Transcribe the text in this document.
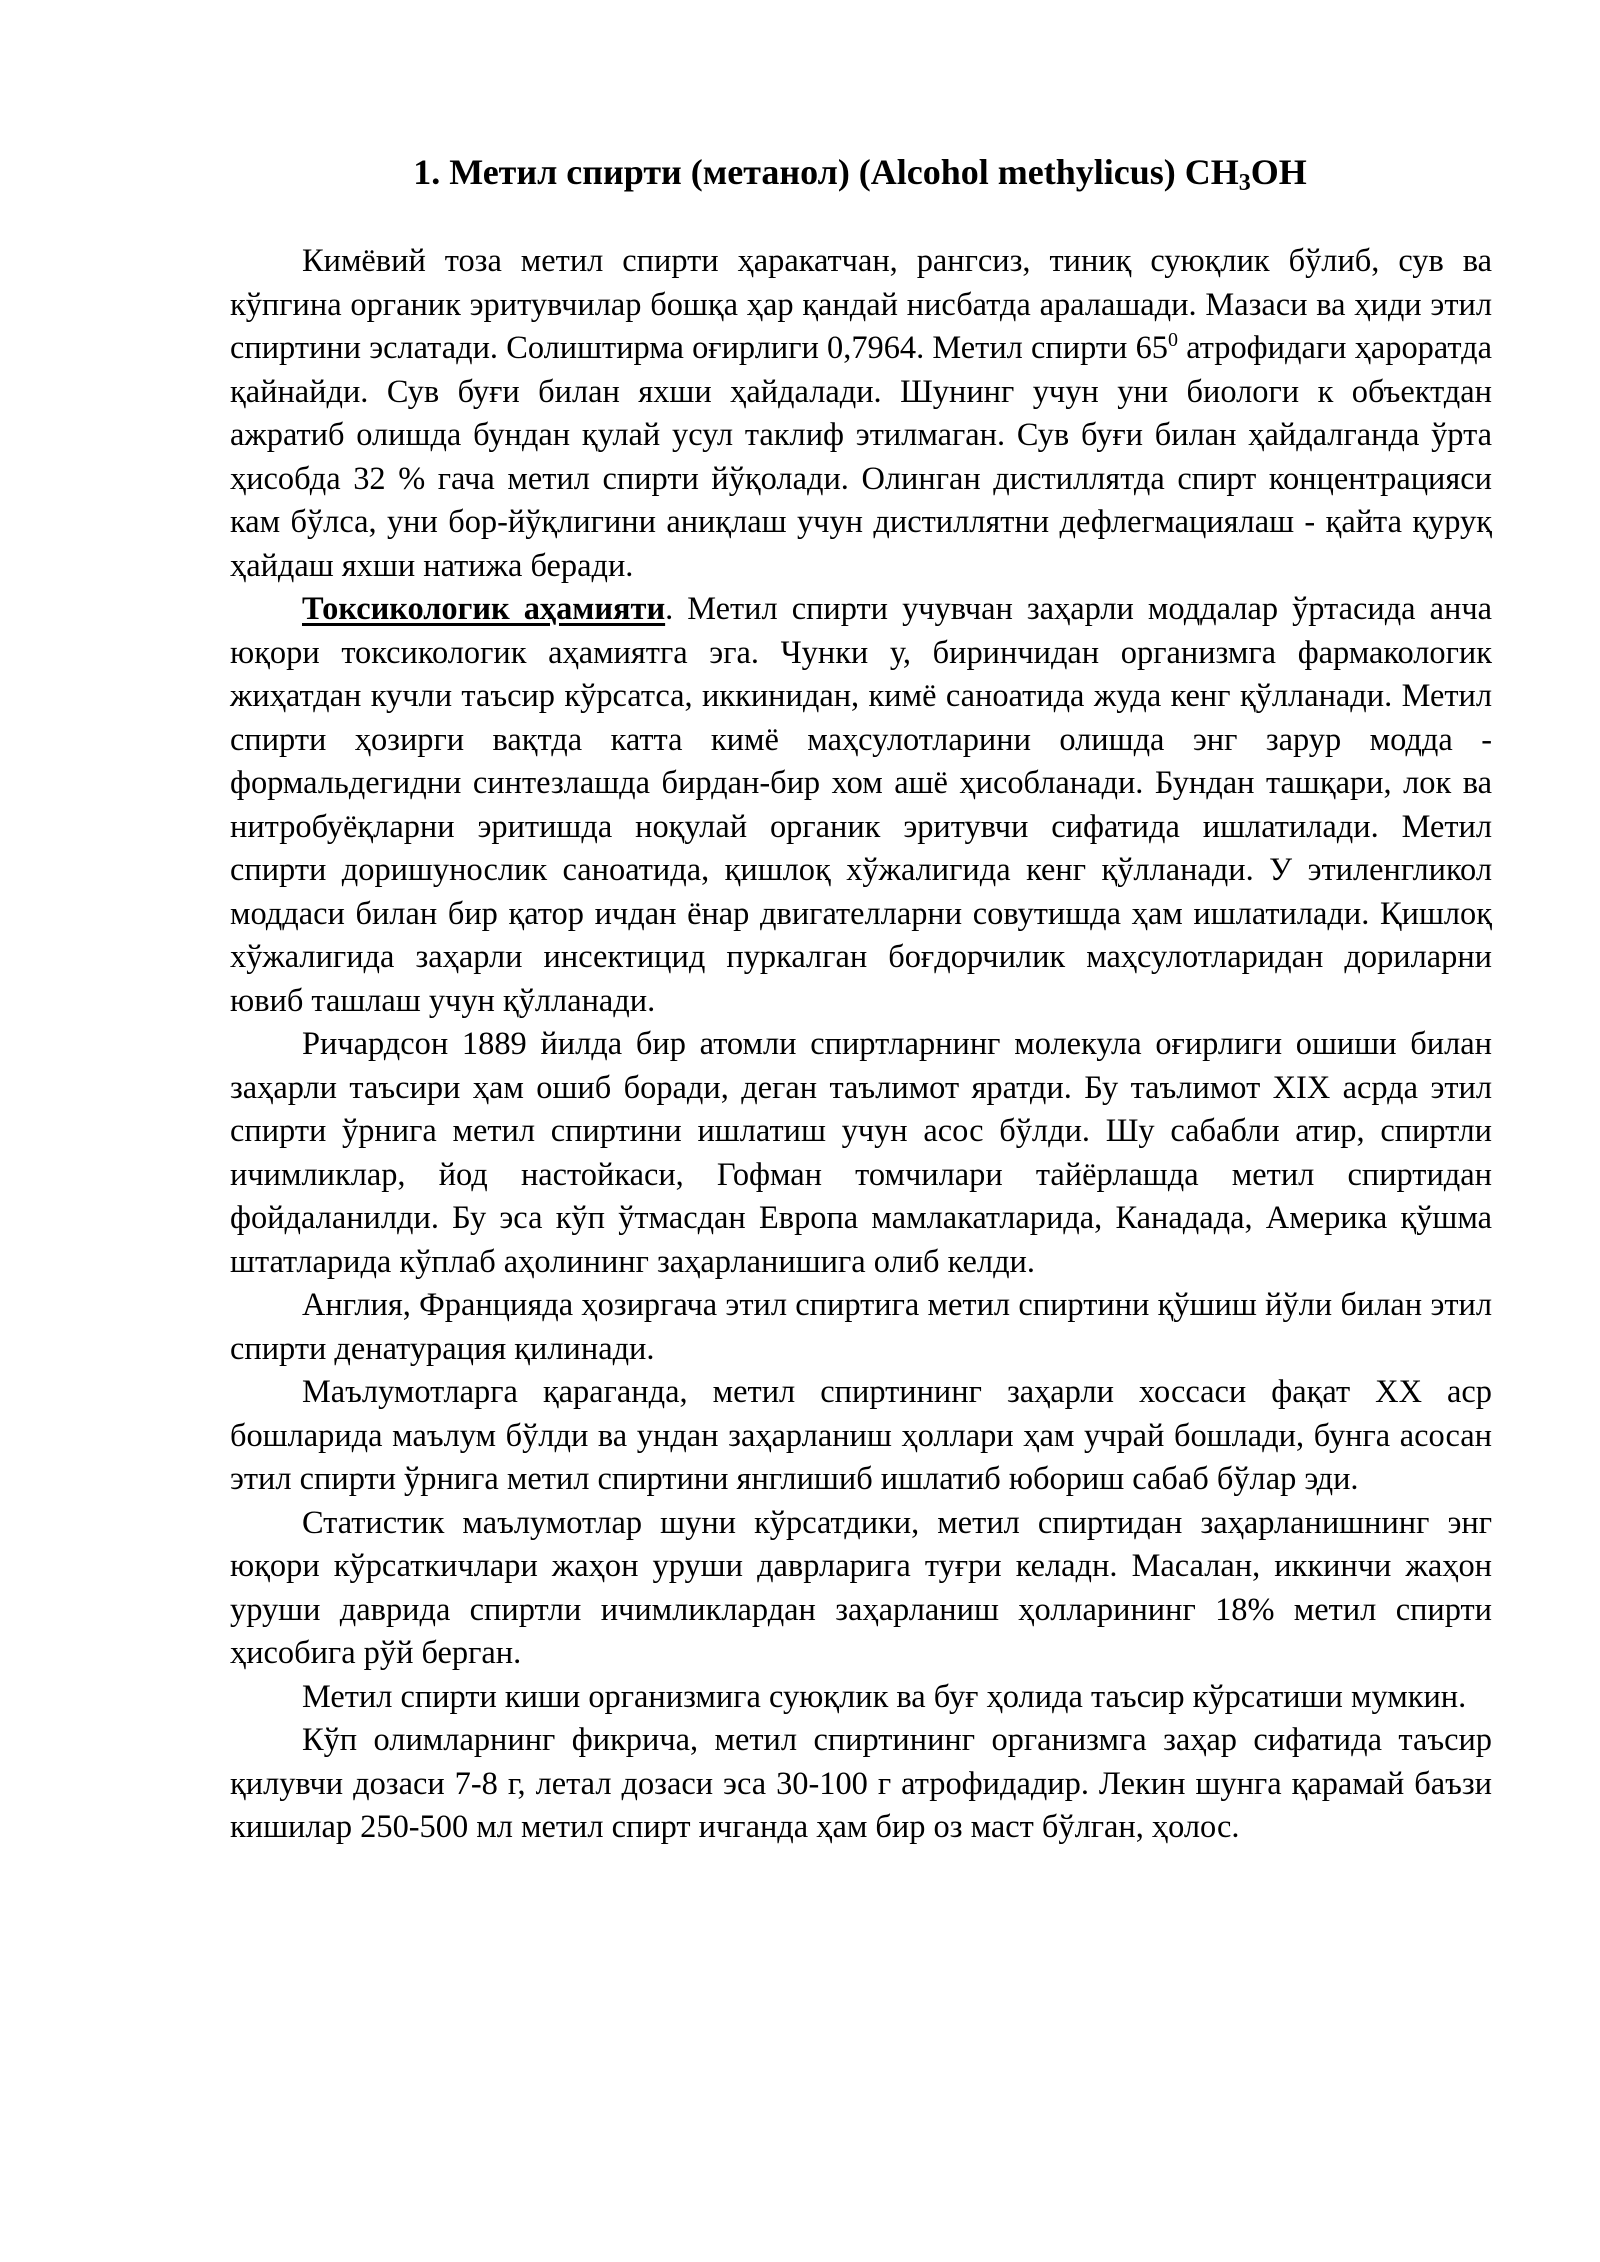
1. Метил спирти (метанол) (Alcohol methylicus) $CH_3OH$

Кимёвий тоза метил спирти ҳаракатчан, рангсиз, тиниқ суюқлик бўлиб, сув ва кўпгина органик эритувчилар бошқа ҳар қандай нисбатда аралашади. Мазаси ва ҳиди этил спиртини эслатади. Солиштирма оғирлиги 0,7964. Метил спирти $65^0$ атрофидаги ҳароратда қайнайди. Сув буғи билан яхши ҳайдалади. Шунинг учун уни биологи к объектдан ажратиб олишда бундан қулай усул таклиф этилмаган. Сув буғи билан ҳайдалганда ўрта ҳисобда 32 % гача метил спирти йўқолади. Олинган дистиллятда спирт концентрацияси кам бўлса, уни бор-йўқлигини аниқлаш учун дистиллятни дефлегмациялаш - қайта қуруқ ҳайдаш яхши натижа беради.

Токсикологик аҳамияти. Метил спирти учувчан заҳарли моддалар ўртасида анча юқори токсикологик аҳамиятга эга. Чунки у, биринчидан организмга фармакологик жиҳатдан кучли таъсир кўрсатса, иккинидан, кимё саноатида жуда кенг қўлланади. Метил спирти ҳозирги вақтда катта кимё маҳсулотларини олишда энг зарур модда - формальдегидни синтезлашда бирдан-бир хом ашё ҳисобланади. Бундан ташқари, лок ва нитробуёқларни эритишда ноқулай органик эритувчи сифатида ишлатилади. Метил спирти доришунослик саноатида, қишлоқ хўжалигида кенг қўлланади. У этиленгликол моддаси билан бир қатор ичдан ёнар двигателларни совутишда ҳам ишлатилади. Қишлоқ хўжалигида заҳарли инсектицид пуркалган боғдорчилик маҳсулотларидан дориларни ювиб ташлаш учун қўлланади.

Ричардсон 1889 йилда бир атомли спиртларнинг молекула оғирлиги ошиши билан заҳарли таъсири ҳам ошиб боради, деган таълимот яратди. Бу таълимот XIX асрда этил спирти ўрнига метил спиртини ишлатиш учун асос бўлди. Шу сабабли атир, спиртли ичимликлар, йод настойкаси, Гофман томчилари тайёрлашда метил спиртидан фойдаланилди. Бу эса кўп ўтмасдан Европа мамлакатларида, Канадада, Америка қўшма штатларида кўплаб аҳолининг заҳарланишига олиб келди.

Англия, Францияда ҳозиргача этил спиртига метил спиртини қўшиш йўли билан этил спирти денатурация қилинади.

Маълумотларга қараганда, метил спиртининг заҳарли хоссаси фақат XX аср бошларида маълум бўлди ва ундан заҳарланиш ҳоллари ҳам учрай бошлади, бунга асосан этил спирти ўрнига метил спиртини янглишиб ишлатиб юбориш сабаб бўлар эди.

Статистик маълумотлар шуни кўрсатдики, метил спиртидан заҳарланишнинг энг юқори кўрсаткичлари жаҳон уруши даврларига туғри келадн. Масалан, иккинчи жаҳон уруши даврида спиртли ичимликлардан заҳарланиш ҳолларининг 18% метил спирти ҳисобига рўй берган.

Метил спирти киши организмига суюқлик ва буғ ҳолида таъсир кўрсатиши мумкин.

Кўп олимларнинг фикрича, метил спиртининг организмга заҳар сифатида таъсир қилувчи дозаси 7-8 г, летал дозаси эса 30-100 г атрофидадир. Лекин шунга қарамай баъзи кишилар 250-500 мл метил спирт ичганда ҳам бир оз маст бўлган, ҳолос.
